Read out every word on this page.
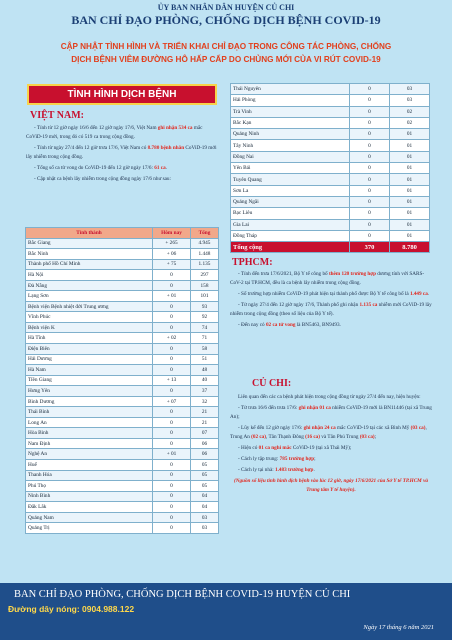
ỦY BAN NHÂN DÂN HUYỆN CỦ CHI
BAN CHỈ ĐẠO PHÒNG, CHỐNG DỊCH BỆNH COVID-19
CẬP NHẬT TÌNH HÌNH VÀ TRIỂN KHAI CHỈ ĐẠO TRONG CÔNG TÁC PHÒNG, CHỐNG
DỊCH BỆNH VIÊM ĐƯỜNG HÔ HẤP CẤP DO CHỦNG MỚI CỦA VI RÚT COVID-19
TÌNH HÌNH DỊCH BỆNH
VIỆT NAM:
- Tính từ 12 giờ ngày 16/6 đến 12 giờ ngày 17/6, Việt Nam ghi nhận 534 ca mắc CoViD-19 mới, trong đó có 519 ca trong cộng đồng.
- Tính từ ngày 27/4 đến 12 giờ trưa 17/6, Việt Nam có 8.780 bệnh nhân CoViD-19 mới lây nhiễm trong cộng đồng.
- Tổng số ca tử vong do CoViD-19 đến 12 giờ ngày 17/6: 61 ca.
- Cập nhật ca bệnh lây nhiễm trong cộng đồng ngày 17/6 như sau:
Tỉnh thành	Hôm nay	Tổng
Bắc Giang	+ 265	4.945
Bắc Ninh	+ 06	1.448
Thành phố Hồ Chí Minh	+ 75	1.135
Hà Nội	0	297
Đà Nẵng	0	158
Lạng Sơn	+ 01	101
Bệnh viện Bệnh nhiệt đới Trung ương	0	93
Vĩnh Phúc	0	92
Bệnh viện K	0	74
Hà Tĩnh	+ 02	71
Điện Biên	0	58
Hải Dương	0	51
Hà Nam	0	48
Tiền Giang	+ 13	40
Hưng Yên	0	37
Bình Dương	+ 07	32
Thái Bình	0	21
Long An	0	21
Hòa Bình	0	07
Nam Định	0	06
Nghệ An	+ 01	06
Huế	0	05
Thanh Hóa	0	05
Phú Thọ	0	05
Ninh Bình	0	04
Đăk Lăk	0	04
Quảng Nam	0	03
Quảng Trị	0	03
Thái Nguyên	0	03
Hải Phòng	0	03
Trà Vinh	0	02
Bắc Kạn	0	02
Quảng Ninh	0	01
Tây Ninh	0	01
Đồng Nai	0	01
Yên Bái	0	01
Tuyên Quang	0	01
Sơn La	0	01
Quảng Ngãi	0	01
Bạc Liêu	0	01
Gia Lai	0	01
Đồng Tháp	0	01
Tổng cộng	370	8.780
TPHCM:
- Tính đến trưa 17/6/2021, Bộ Y tế công bố thêm 120 trường hợp dương tính với SARS-CoV-2 tại TP.HCM, đều là ca bệnh lây nhiễm trong cộng đồng.
- Số trường hợp nhiễm CoViD-19 phát hiện tại thành phố được Bộ Y tế công bố là 1.449 ca.
- Từ ngày 27/4 đến 12 giờ ngày 17/6, Thành phố ghi nhận 1.135 ca nhiễm mới CoViD-19 lây nhiễm trong cộng đồng (theo số liệu của Bộ Y tế).
- Đến nay có 02 ca tử vong là BN5463, BN9493.
CỦ CHI:
Liên quan đến các ca bệnh phát hiện trong cộng đồng từ ngày 27/4 đến nay, hiện huyện:
- Từ trưa 16/6 đến trưa 17/6: ghi nhận 01 ca nhiễm CoViD-19 mới là BN11446 (tại xã Trung An);
- Lũy kế đến 12 giờ ngày 17/6: ghi nhận 24 ca mắc CoViD-19 tại các xã Bình Mỹ (03 ca), Trung An (02 ca), Tân Thạnh Đông (16 ca) và Tân Phú Trung (03 ca);
- Hiện có 01 ca nghi mắc CoViD-19 (tại xã Thái Mỹ);
- Cách ly tập trung: 785 trường hợp;
- Cách ly tại nhà: 1.483 trường hợp.
(Nguồn số liệu tình hình dịch bệnh vào lúc 12 giờ, ngày 17/6/2021 của Sở Y tế TP.HCM và Trung tâm Y tế huyện).
BAN CHỈ ĐẠO PHÒNG, CHỐNG DỊCH BỆNH COVID-19 HUYỆN CỦ CHI
Đường dây nóng: 0904.988.122
Ngày 17 tháng 6 năm 2021
